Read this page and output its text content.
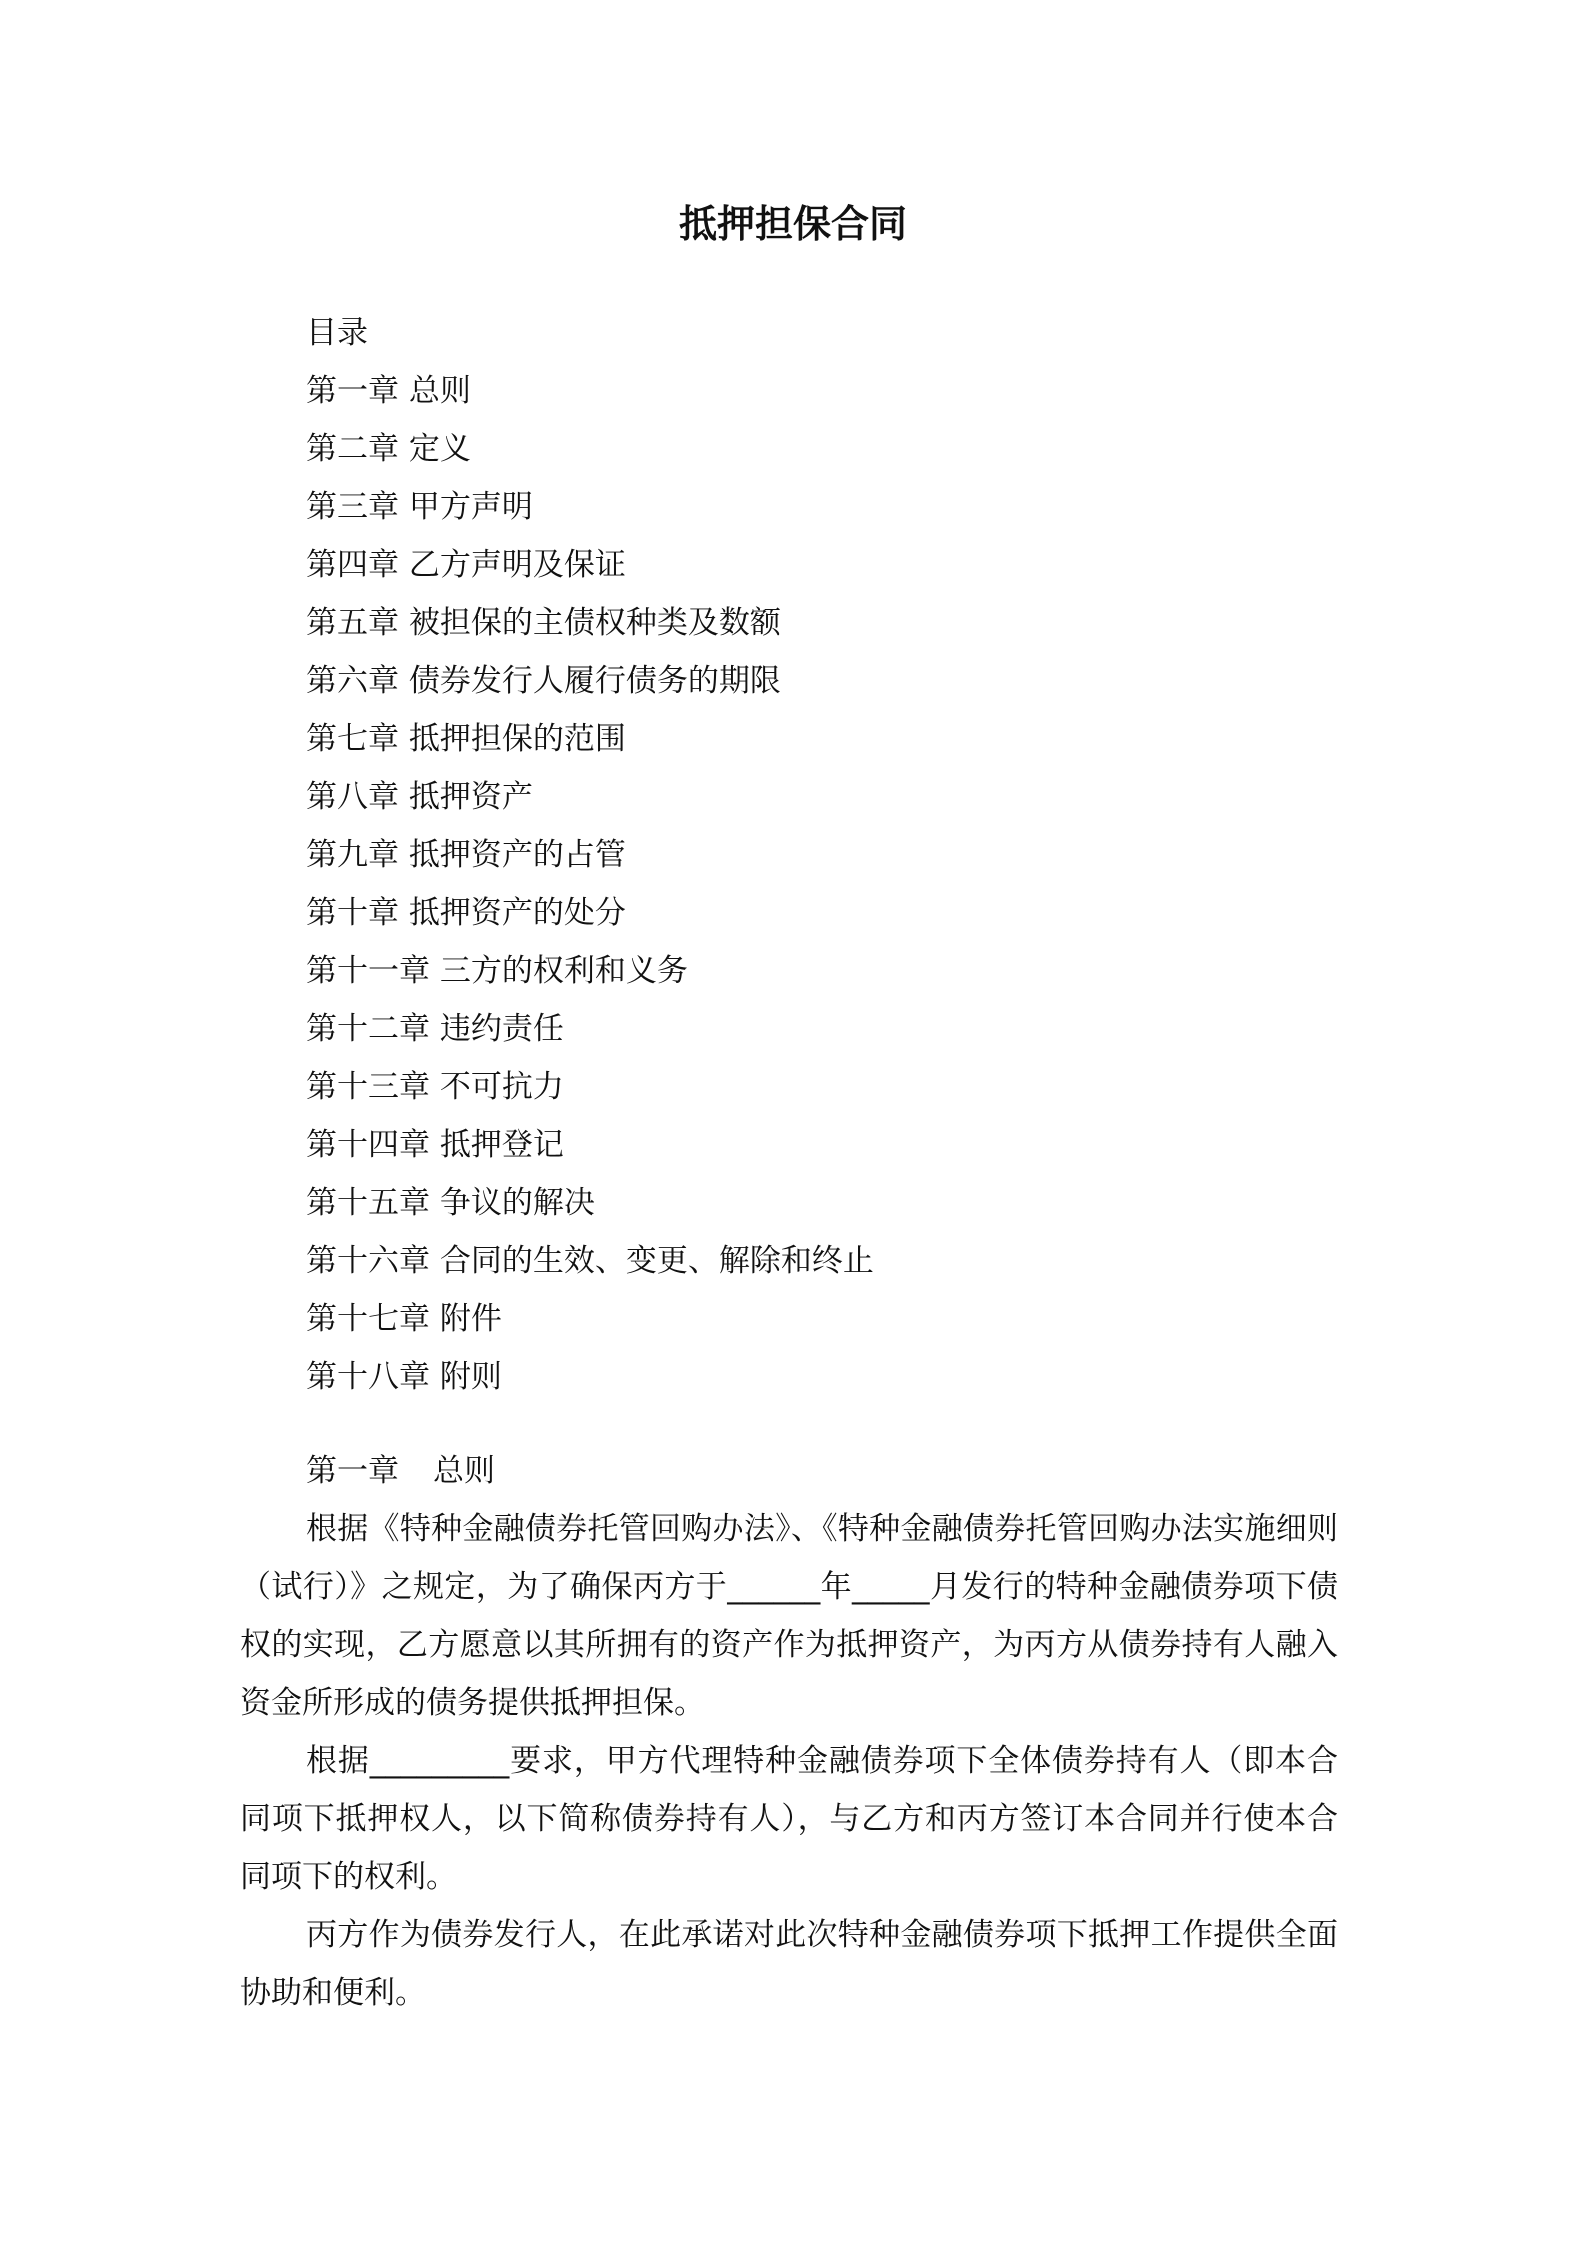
抵押担保合同
目录
第一章 总则
第二章 定义
第三章 甲方声明
第四章 乙方声明及保证
第五章 被担保的主债权种类及数额
第六章 债券发行人履行债务的期限
第七章 抵押担保的范围
第八章 抵押资产
第九章 抵押资产的占管
第十章 抵押资产的处分
第十一章 三方的权利和义务
第十二章 违约责任
第十三章 不可抗力
第十四章 抵押登记
第十五章 争议的解决
第十六章 合同的生效、变更、解除和终止
第十七章 附件
第十八章 附则
第一章 总则

根据《特种金融债券托管回购办法》、《特种金融债券托管回购办法实施细则（试行）》之规定，为了确保丙方于______年_____月发行的特种金融债券项下债权的实现，乙方愿意以其所拥有的资产作为抵押资产，为丙方从债券持有人融入资金所形成的债务提供抵押担保。

根据_________要求，甲方代理特种金融债券项下全体债券持有人（即本合同项下抵押权人，以下简称债券持有人），与乙方和丙方签订本合同并行使本合同项下的权利。

丙方作为债券发行人，在此承诺对此次特种金融债券项下抵押工作提供全面协助和便利。
